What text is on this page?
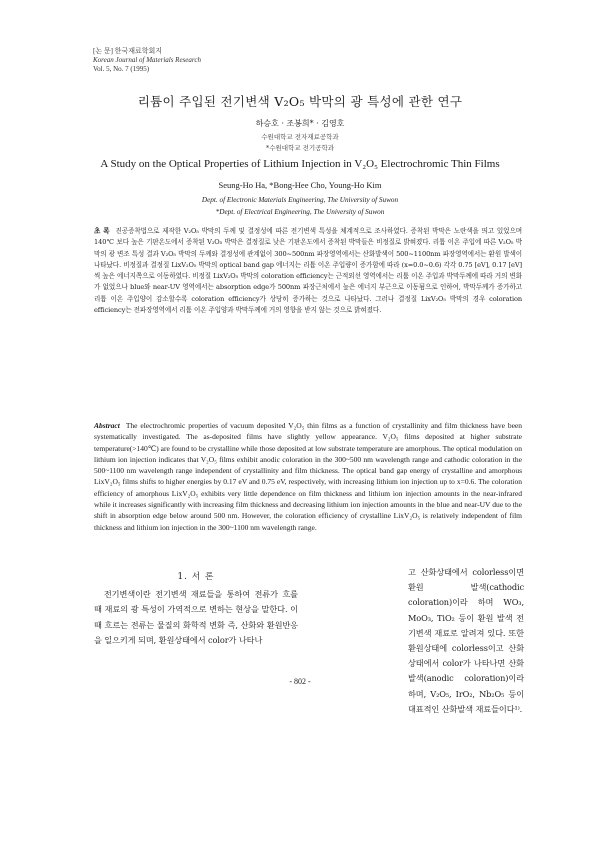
[논 문] 한국재료학회지
Korean Journal of Materials Research
Vol. 5, No. 7 (1995)
리튬이 주입된 전기변색 V₂O₅ 박막의 광 특성에 관한 연구
하승호 · 조봉희* · 김영호
수원대학교 전자재료공학과
*수원대학교 전기공학과
A Study on the Optical Properties of Lithium Injection in V₂O₅ Electrochromic Thin Films
Seung-Ho Ha, *Bong-Hee Cho, Young-Ho Kim
Dept. of Electronic Materials Engineering, The University of Suwon
*Dept. of Electrical Engineering, The University of Suwon
초 록 진공증착법으로 제작한 V₂O₅ 박막의 두께 및 결정성에 따른 전기변색 특성을 체계적으로 조사하였다. 증착된 박막은 노란색을 띄고 있었으며 140℃ 보다 높은 기판온도에서 증착된 V₂O₅ 박막은 결정질로 낮은 기판온도에서 증착된 박막들은 비정질로 밝혀졌다. 리튬 이온 주입에 따른 V₂O₅ 박막의 광 변조 특성 결과 V₂O₅ 박막의 두께와 결정성에 관계없이 300~500nm 파장영역에서는 산화발색이 500~1100nm 파장영역에서는 환원 발색이 나타났다. 비정질과 결정질 LixV₂O₅ 박막의 optical band gap 에너지는 리튬 이온 주입량이 증가함에 따라 (x=0.0~0.6) 각각 0.75 [eV], 0.17 [eV]씩 높은 에너지쪽으로 이동하였다. 비정질 LixV₂O₅ 박막의 coloration efficiency는 근적외선 영역에서는 리튬 이온 주입과 박막두께에 따라 거의 변화가 없었으나 blue와 near-UV 영역에서는 absorption edge가 500nm 파장근처에서 높은 에너지 부근으로 이동됨으로 인하여, 박막두께가 증가하고 리튬 이온 주입양이 감소할수록 coloration efficiency가 상당히 증가하는 것으로 나타났다. 그러나 결정질 LixV₂O₅ 박막의 경우 coloration efficiency는 전파장영역에서 리튬 이온 주입양과 박막두께에 거의 영향을 받지 않는 것으로 밝혀졌다.
Abstract The electrochromic properties of vacuum deposited V₂O₅ thin films as a function of crystallinity and film thickness have been systematically investigated. The as-deposited films have slightly yellow appearance. V₂O₅ films deposited at higher substrate temperature(>140℃) are found to be crystalline while those deposited at low substrate temperature are amorphous. The optical modulation on lithium ion injection indicates that V₂O₅ films exhibit anodic coloration in the 300~500 nm wavelength range and cathodic coloration in the 500~1100 nm wavelength range independent of crystallinity and film thickness. The optical band gap energy of crystalline and amorphous LixV₂O₅ films shifts to higher energies by 0.17 eV and 0.75 eV, respectively, with increasing lithium ion injection up to x=0.6. The coloration efficiency of amorphous LixV₂O₅ exhibits very little dependence on film thickness and lithium ion injection amounts in the near-infrared while it increases significantly with increasing film thickness and decreasing lithium ion injection amounts in the blue and near-UV due to the shift in absorption edge below around 500 nm. However, the coloration efficiency of crystalline LixV₂O₅ is relatively independent of film thickness and lithium ion injection in the 300~1100 nm wavelength range.
1. 서 론

전기변색이란 전기변색 재료들을 통하여 전류가 흐를 때 재료의 광 특성이 가역적으로 변하는 현상을 말한다. 이때 흐르는 전류는 물질의 화학적 변화 즉, 산화와 환원반응을 일으키게 되며, 환원상태에서 color가 나타나

고 산화상태에서 colorless이면 환원 발색(cathodic coloration)이라 하며 WO₃, MoO₃, TiO₂ 등이 환원 발색 전기변색 재료로 알려져 있다. 또한 환원상태에 colorless이고 산화상태에서 color가 나타나면 산화 발색(anodic coloration)이라 하며, V₂O₅, IrO₂, Nb₂O₅ 등이 대표적인 산화발색 재료들이다¹⁾.

- 802 -
